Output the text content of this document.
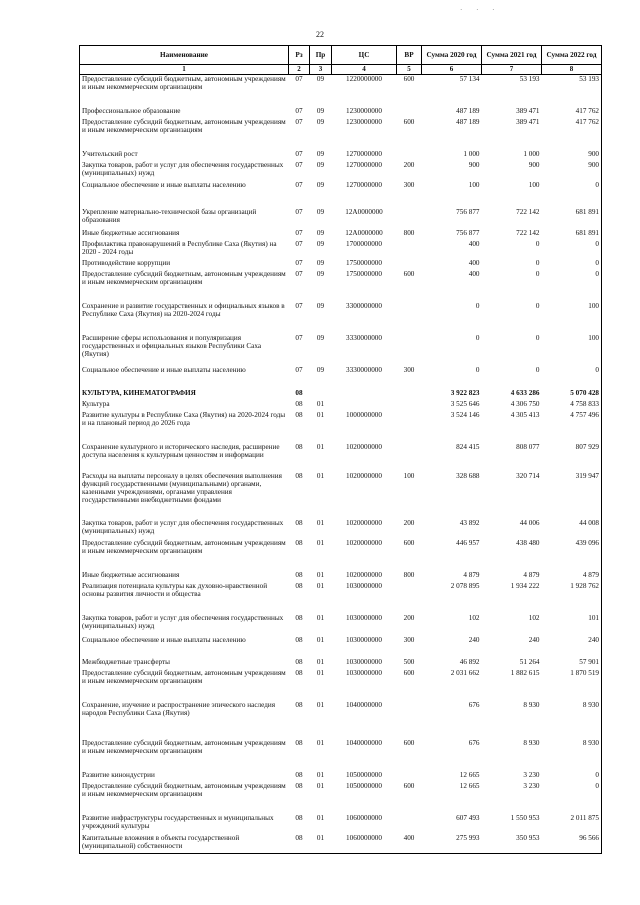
· · ·
22
Наименование	Рз	Пр	ЦС	ВР	Сумма 2020 год	Сумма 2021 год	Сумма 2022 год
1	2	3	4	5	6	7	8
Предоставление субсидий бюджетным, автономным учреждениям и иным некоммерческим организациям	07	09	1220000000	600	57 134	53 193	53 193
Профессиональное образование	07	09	1230000000		487 189	389 471	417 762
Предоставление субсидий бюджетным, автономным учреждениям и иным некоммерческим организациям	07	09	1230000000	600	487 189	389 471	417 762
Учительский рост	07	09	1270000000		1 000	1 000	900
Закупка товаров, работ и услуг для обеспечения государственных (муниципальных) нужд	07	09	1270000000	200	900	900	900
Социальное обеспечение и иные выплаты населению	07	09	1270000000	300	100	100	0
Укрепление материально-технической базы организаций образования	07	09	12А0000000		756 877	722 142	681 891
Иные бюджетные ассигнования	07	09	12А0000000	800	756 877	722 142	681 891
Профилактика правонарушений в Республике Саха (Якутия) на 2020 - 2024 годы	07	09	1700000000		400	0	0
Противодействие коррупции	07	09	1750000000		400	0	0
Предоставление субсидий бюджетным, автономным учреждениям и иным некоммерческим организациям	07	09	1750000000	600	400	0	0
Сохранение и развитие государственных и официальных языков в Республике Саха (Якутия) на 2020-2024 годы	07	09	3300000000		0	0	100
Расширение сферы использования и популяризация государственных и официальных языков Республики Саха (Якутия)	07	09	3330000000		0	0	100
Социальное обеспечение и иные выплаты населению	07	09	3330000000	300	0	0	0
КУЛЬТУРА, КИНЕМАТОГРАФИЯ	08				3 922 823	4 633 286	5 070 428
Культура	08	01			3 525 646	4 306 750	4 758 833
Развитие культуры в Республике Саха (Якутия) на 2020-2024 годы и на плановый период до 2026 года	08	01	1000000000		3 524 146	4 305 413	4 757 496
Сохранение культурного и исторического наследия, расширение доступа населения к культурным ценностям и информации	08	01	1020000000		824 415	808 077	807 929
Расходы на выплаты персоналу в целях обеспечения выполнения функций государственными (муниципальными) органами, казенными учреждениями, органами управления государственными внебюджетными фондами	08	01	1020000000	100	328 688	320 714	319 947
Закупка товаров, работ и услуг для обеспечения государственных (муниципальных) нужд	08	01	1020000000	200	43 892	44 006	44 008
Предоставление субсидий бюджетным, автономным учреждениям и иным некоммерческим организациям	08	01	1020000000	600	446 957	438 480	439 096
Иные бюджетные ассигнования	08	01	1020000000	800	4 879	4 879	4 879
Реализация потенциала культуры как духовно-нравственной основы развития личности и общества	08	01	1030000000		2 078 895	1 934 222	1 928 762
Закупка товаров, работ и услуг для обеспечения государственных (муниципальных) нужд	08	01	1030000000	200	102	102	101
Социальное обеспечение и иные выплаты населению	08	01	1030000000	300	240	240	240
Межбюджетные трансферты	08	01	1030000000	500	46 892	51 264	57 901
Предоставление субсидий бюджетным, автономным учреждениям и иным некоммерческим организациям	08	01	1030000000	600	2 031 662	1 882 615	1 870 519
Сохранение, изучение и распространение эпического наследия народов Республики Саха (Якутия)	08	01	1040000000		676	8 930	8 930
Предоставление субсидий бюджетным, автономным учреждениям и иным некоммерческим организациям	08	01	1040000000	600	676	8 930	8 930
Развитие кинондустрии	08	01	1050000000		12 665	3 230	0
Предоставление субсидий бюджетным, автономным учреждениям и иным некоммерческим организациям	08	01	1050000000	600	12 665	3 230	0
Развитие инфраструктуры государственных и муниципальных учреждений культуры	08	01	1060000000		607 493	1 550 953	2 011 875
Капитальные вложения в объекты государственной (муниципальной) собственности	08	01	1060000000	400	275 993	350 953	96 566
